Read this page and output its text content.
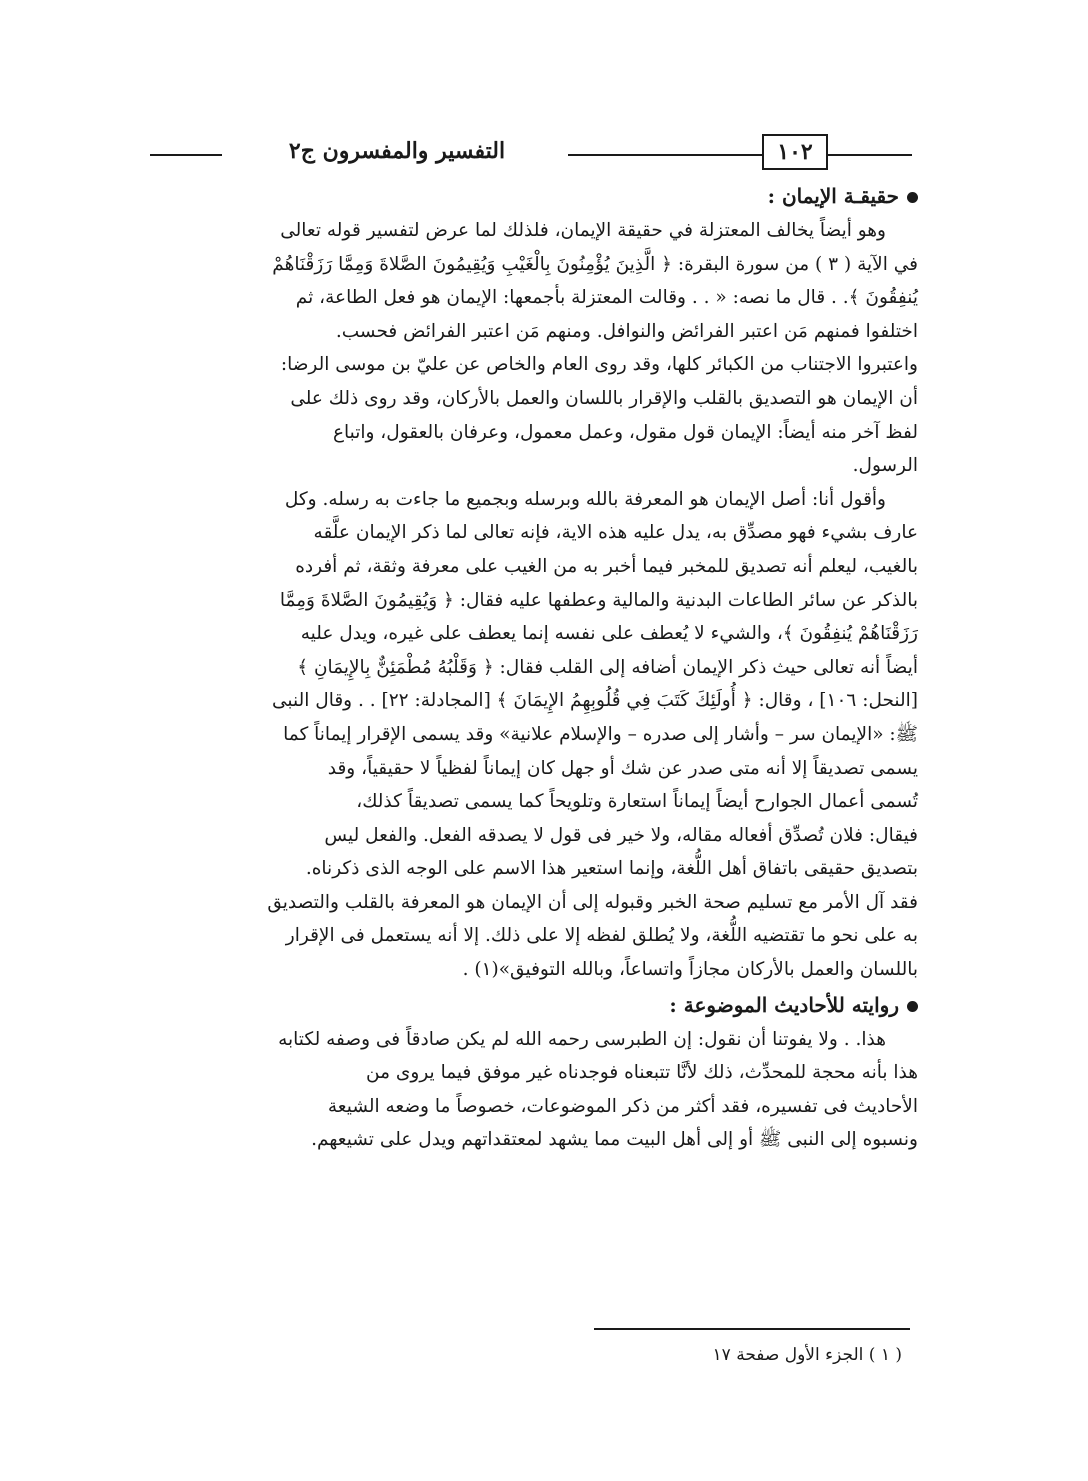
التفسير والمفسرون ج٢	١٠٢
حقيقـة الإيمان :

وهو أيضاً يخالف المعتزلة في حقيقة الإيمان، فلذلك لما عرض لتفسير قوله تعالى
في الآية ( ٣ ) من سورة البقرة: ﴿ الَّذِينَ يُؤْمِنُونَ بِالْغَيْبِ وَيُقِيمُونَ الصَّلاةَ وَمِمَّا رَزَقْنَاهُمْ
يُنفِقُونَ ﴾. . قال ما نصه: « . . وقالت المعتزلة بأجمعها: الإيمان هو فعل الطاعة، ثم
اختلفوا فمنهم مَن اعتبر الفرائض والنوافل. ومنهم مَن اعتبر الفرائض فحسب.
واعتبروا الاجتناب من الكبائر كلها، وقد روى العام والخاص عن عليّ بن موسى الرضا:
أن الإيمان هو التصديق بالقلب والإقرار باللسان والعمل بالأركان، وقد روى ذلك على
لفظ آخر منه أيضاً: الإيمان قول مقول، وعمل معمول، وعرفان بالعقول، واتباع
الرسول.

وأقول أنا: أصل الإيمان هو المعرفة بالله وبرسله وبجميع ما جاءت به رسله. وكل
عارف بشيء فهو مصدِّق به، يدل عليه هذه الاية، فإنه تعالى لما ذكر الإيمان علَّقه
بالغيب، ليعلم أنه تصديق للمخبر فيما أخبر به من الغيب على معرفة وثقة، ثم أفرده
بالذكر عن سائر الطاعات البدنية والمالية وعطفها عليه فقال: ﴿ وَيُقِيمُونَ الصَّلاةَ وَمِمَّا
رَزَقْنَاهُمْ يُنفِقُونَ ﴾، والشيء لا يُعطف على نفسه إنما يعطف على غيره، ويدل عليه
أيضاً أنه تعالى حيث ذكر الإيمان أضافه إلى القلب فقال: ﴿ وَقَلْبُهُ مُطْمَئِنٌّ بِالإِيمَانِ ﴾
[النحل: ١٠٦] ، وقال: ﴿ أُولَئِكَ كَتَبَ فِي قُلُوبِهِمُ الإِيمَانَ ﴾ [المجادلة: ٢٢] . . وقال النبى
ﷺ: «الإيمان سر – وأشار إلى صدره – والإسلام علانية» وقد يسمى الإقرار إيماناً كما
يسمى تصديقاً إلا أنه متى صدر عن شك أو جهل كان إيماناً لفظياً لا حقيقياً، وقد
تُسمى أعمال الجوارح أيضاً إيماناً استعارة وتلويحاً كما يسمى تصديقاً كذلك،
فيقال: فلان تُصدِّق أفعاله مقاله، ولا خير فى قول لا يصدقه الفعل. والفعل ليس
بتصديق حقيقى باتفاق أهل اللُّغة، وإنما استعير هذا الاسم على الوجه الذى ذكرناه.
فقد آل الأمر مع تسليم صحة الخبر وقبوله إلى أن الإيمان هو المعرفة بالقلب والتصديق
به على نحو ما تقتضيه اللُّغة، ولا يُطلق لفظه إلا على ذلك. إلا أنه يستعمل فى الإقرار
باللسان والعمل بالأركان مجازاً واتساعاً، وبالله التوفيق»(١) .

روايته للأحاديث الموضوعة :

هذا. . ولا يفوتنا أن نقول: إن الطبرسى رحمه الله لم يكن صادقاً فى وصفه لكتابه
هذا بأنه محجة للمحدِّث، ذلك لأنَّا تتبعناه فوجدناه غير موفق فيما يروى من
الأحاديث فى تفسيره، فقد أكثر من ذكر الموضوعات، خصوصاً ما وضعه الشيعة
ونسبوه إلى النبى ﷺ أو إلى أهل البيت مما يشهد لمعتقداتهم ويدل على تشيعهم.

( ١ ) الجزء الأول صفحة ١٧
